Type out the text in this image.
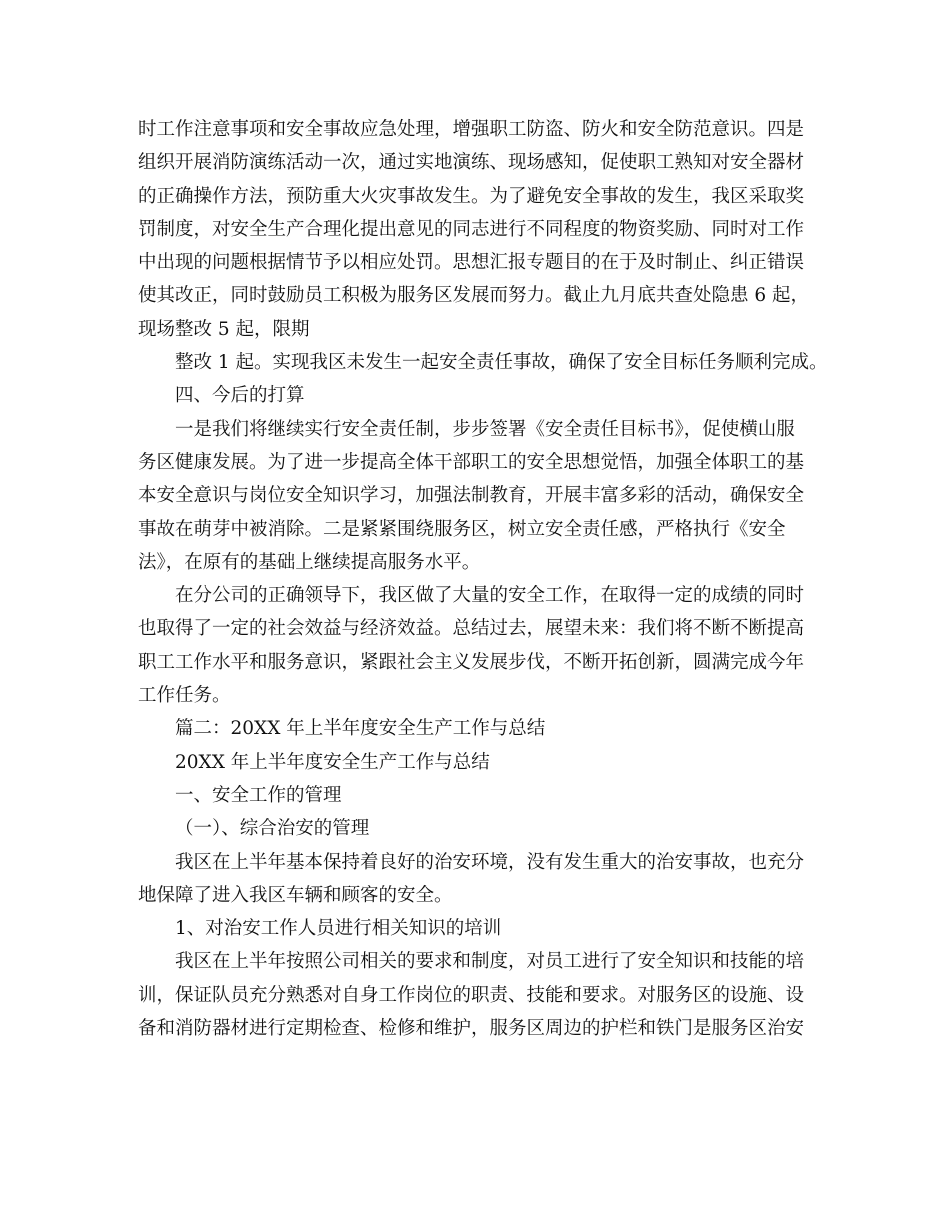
时工作注意事项和安全事故应急处理，增强职工防盗、防火和安全防范意识。四是
组织开展消防演练活动一次，通过实地演练、现场感知，促使职工熟知对安全器材
的正确操作方法，预防重大火灾事故发生。为了避免安全事故的发生，我区采取奖
罚制度，对安全生产合理化提出意见的同志进行不同程度的物资奖励、同时对工作
中出现的问题根据情节予以相应处罚。思想汇报专题目的在于及时制止、纠正错误
使其改正，同时鼓励员工积极为服务区发展而努力。截止九月底共查处隐患 6 起，
现场整改 5 起，限期
整改 1 起。实现我区未发生一起安全责任事故，确保了安全目标任务顺利完成。
四、今后的打算
一是我们将继续实行安全责任制，步步签署《安全责任目标书》，促使横山服
务区健康发展。为了进一步提高全体干部职工的安全思想觉悟，加强全体职工的基
本安全意识与岗位安全知识学习，加强法制教育，开展丰富多彩的活动，确保安全
事故在萌芽中被消除。二是紧紧围绕服务区，树立安全责任感，严格执行《安全
法》，在原有的基础上继续提高服务水平。
在分公司的正确领导下，我区做了大量的安全工作，在取得一定的成绩的同时
也取得了一定的社会效益与经济效益。总结过去，展望未来：我们将不断不断提高
职工工作水平和服务意识，紧跟社会主义发展步伐，不断开拓创新，圆满完成今年
工作任务。
篇二：20XX 年上半年度安全生产工作与总结
20XX 年上半年度安全生产工作与总结
一、安全工作的管理
（一）、综合治安的管理
我区在上半年基本保持着良好的治安环境，没有发生重大的治安事故，也充分
地保障了进入我区车辆和顾客的安全。
1、对治安工作人员进行相关知识的培训
我区在上半年按照公司相关的要求和制度，对员工进行了安全知识和技能的培
训，保证队员充分熟悉对自身工作岗位的职责、技能和要求。对服务区的设施、设
备和消防器材进行定期检查、检修和维护，服务区周边的护栏和铁门是服务区治安
